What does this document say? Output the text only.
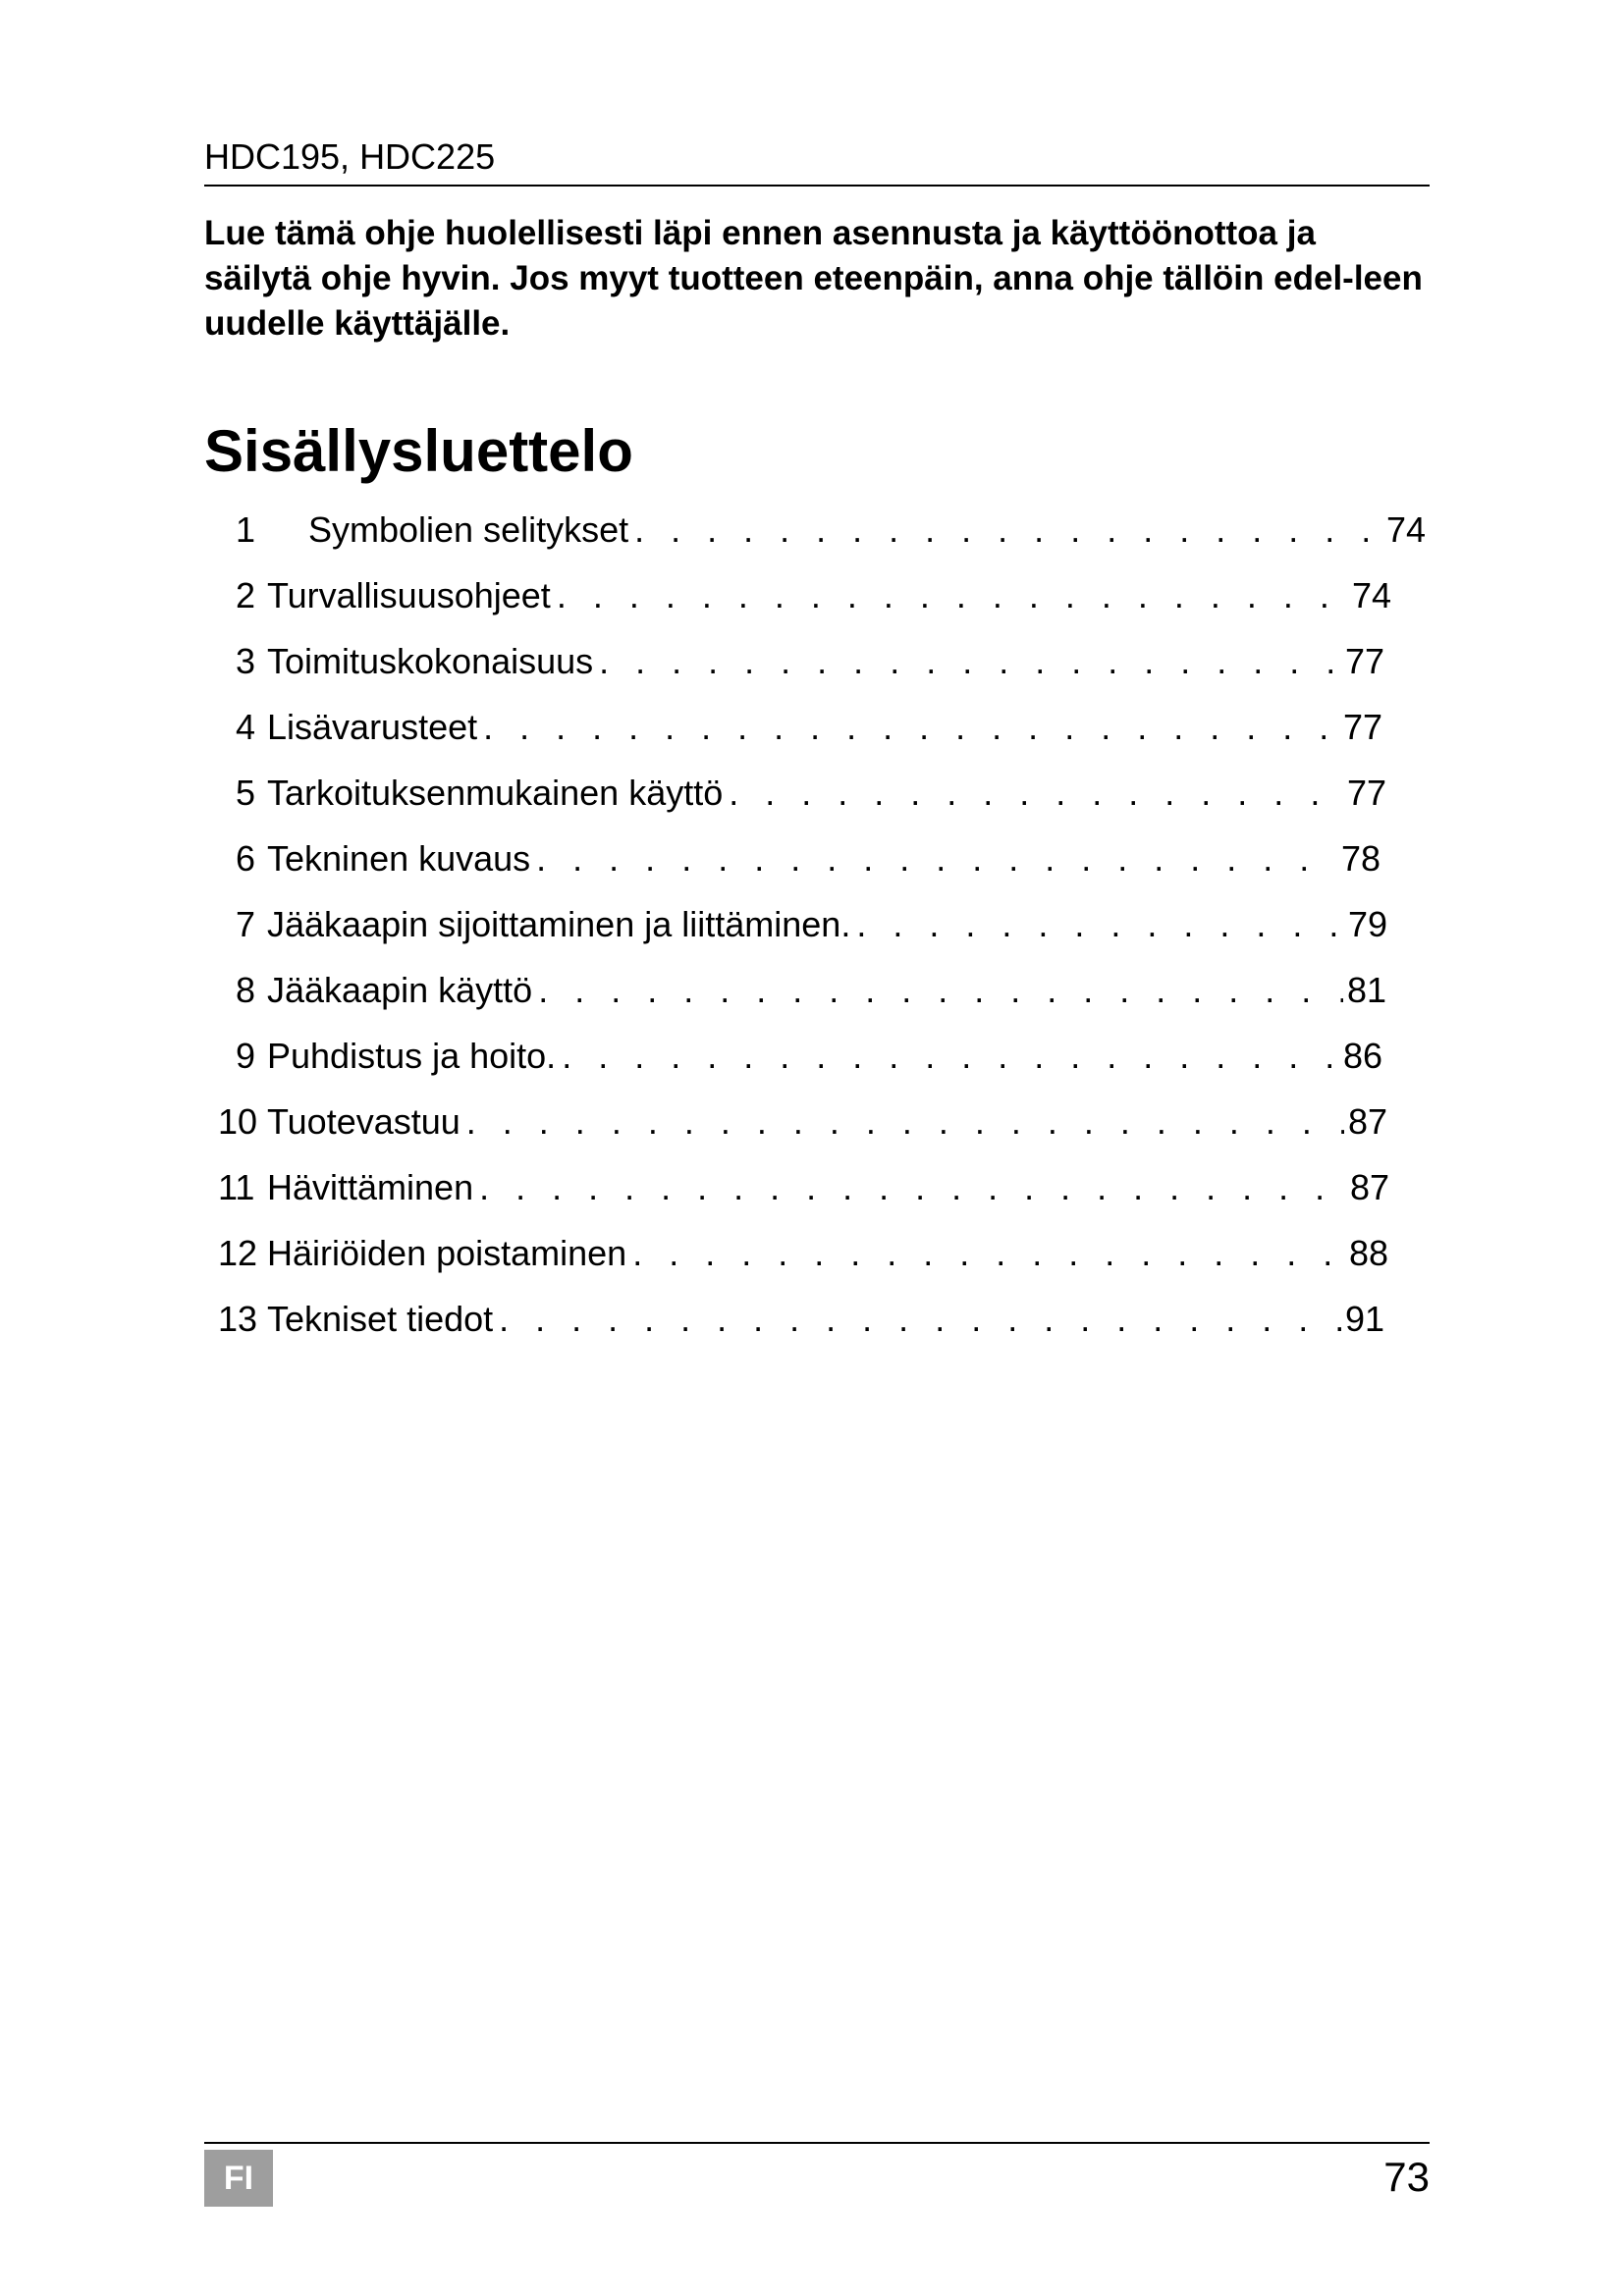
HDC195, HDC225

Lue tämä ohje huolellisesti läpi ennen asennusta ja käyttöönottoa ja säilytä ohje hyvin. Jos myyt tuotteen eteenpäin, anna ohje tällöin edel-leen uudelle käyttäjälle.

Sisällysluettelo
1	Symbolien selitykset . . .	74
2 Turvallisuusohjeet . . .	74
3 Toimituskokonaisuus . . .	77
4 Lisävarusteet . . .	77
5 Tarkoituksenmukainen käyttö . . .	77
6 Tekninen kuvaus . . .	78
7 Jääkaapin sijoittaminen ja liittäminen. . . .	79
8 Jääkaapin käyttö . . .	81
9 Puhdistus ja hoito. . . .	86
10 Tuotevastuu . . .	87
11 Hävittäminen . . .	87
12 Häiriöiden poistaminen . . .	88
13 Tekniset tiedot . . .	91
FI	73
